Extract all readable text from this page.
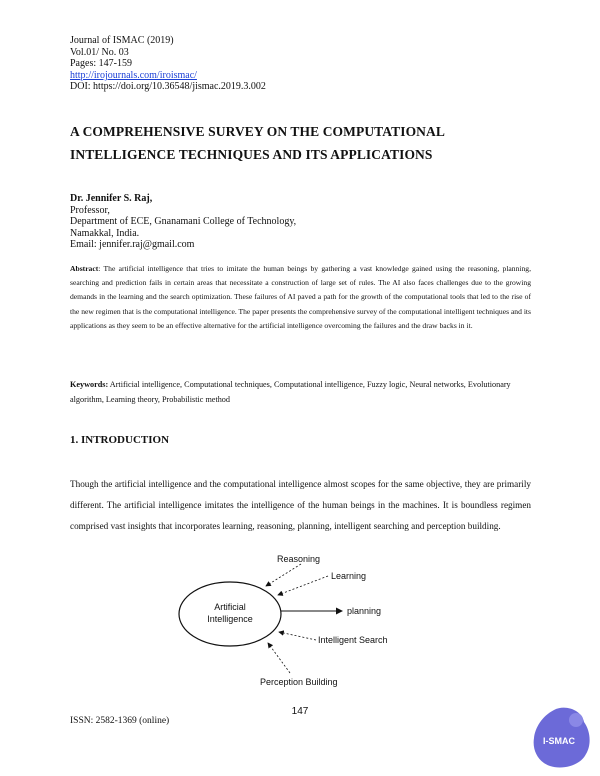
Journal of ISMAC (2019)
Vol.01/ No. 03
Pages: 147-159
http://irojournals.com/iroismac/
DOI: https://doi.org/10.36548/jismac.2019.3.002
A COMPREHENSIVE SURVEY ON THE COMPUTATIONAL
INTELLIGENCE TECHNIQUES AND ITS APPLICATIONS
Dr. Jennifer S. Raj,
Professor,
Department of ECE, Gnanamani College of Technology,
Namakkal, India.
Email: jennifer.raj@gmail.com
Abstract: The artificial intelligence that tries to imitate the human beings by gathering a vast knowledge gained using the reasoning, planning, searching and prediction fails in certain areas that necessitate a construction of large set of rules. The AI also faces challenges due to the growing demands in the learning and the search optimization. These failures of AI paved a path for the growth of the computational tools that led to the rise of the new regimen that is the computational intelligence. The paper presents the comprehensive survey of the computational intelligent techniques and its applications as they seem to be an effective alternative for the artificial intelligence overcoming the failures and the draw backs in it.
Keywords: Artificial intelligence, Computational techniques, Computational intelligence, Fuzzy logic, Neural networks, Evolutionary algorithm, Learning theory, Probabilistic method
1. INTRODUCTION
Though the artificial intelligence and the computational intelligence almost scopes for the same objective, they are primarily different. The artificial intelligence imitates the intelligence of the human beings in the machines. It is boundless regimen comprised vast insights that incorporates learning, reasoning, planning, intelligent searching and perception building.
Artificial
Intelligence
Reasoning
Learning
planning
Intelligent Search
Perception Building
147
ISSN: 2582-1369 (online)
I-SMAC
